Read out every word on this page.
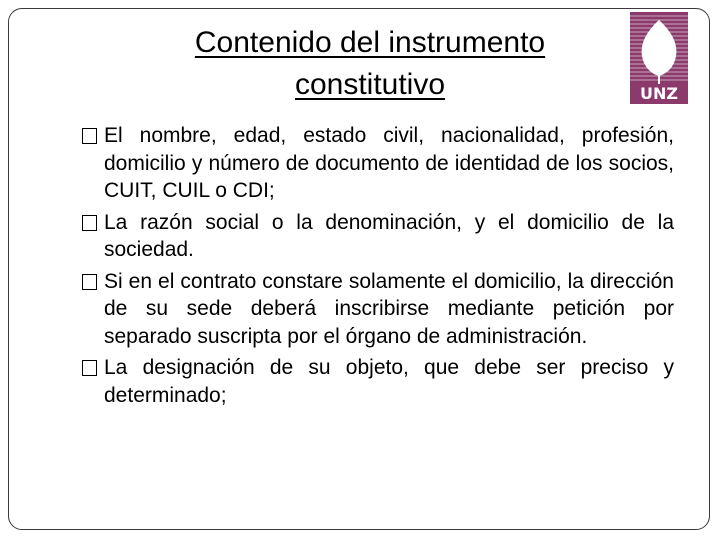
Contenido del instrumento
constitutivo	UNZ

El nombre, edad, estado civil, nacionalidad, profesión, domicilio y número de documento de identidad de los socios, CUIT, CUIL o CDI;

La razón social o la denominación, y el domicilio de la sociedad.

Si en el contrato constare solamente el domicilio, la dirección de su sede deberá inscribirse mediante petición por separado suscripta por el órgano de administración.

La designación de su objeto, que debe ser preciso y determinado;
